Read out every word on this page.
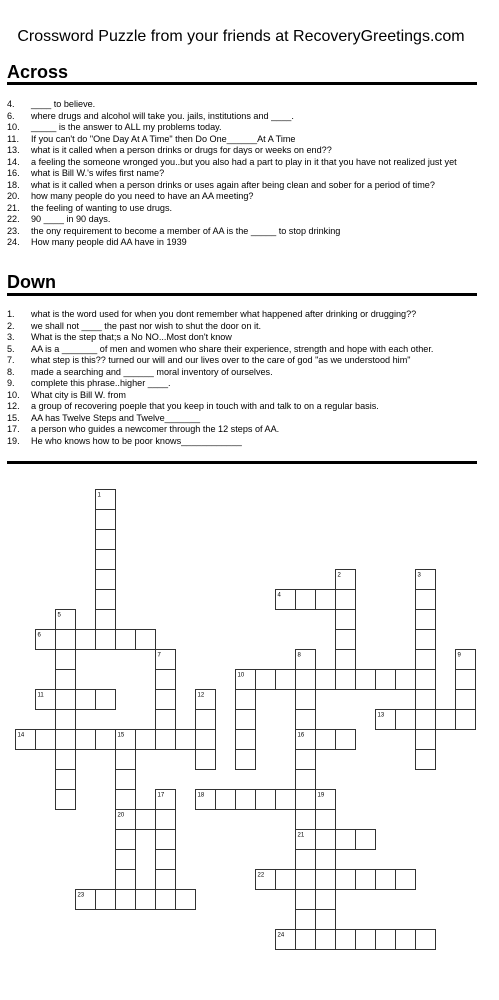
Crossword Puzzle from your friends at RecoveryGreetings.com
Across
4.	____ to believe.
6.	where drugs and alcohol will take you. jails, institutions and ____.
10.	_____ is the answer to ALL my problems today.
11.	If you can't do "One Day At A Time" then Do One______At A Time
13.	what is it called when a person drinks or drugs for days or weeks on end??
14.	a feeling the someone wronged you..but you also had a part to play in it that you have not realized just yet
16.	what is Bill W.'s wifes first name?
18.	what is it called when a person drinks or uses again after being clean and sober for a period of time?
20.	how many people do you need to have an AA meeting?
21.	the feeling of wanting to use drugs.
22.	90 ____ in 90 days.
23.	the ony requirement to become a member of AA is the _____ to stop drinking
24.	How many people did AA have in 1939
Down
1.	what is the word used for when you dont remember what happened after drinking or drugging??
2.	we shall not ____ the past nor wish to shut the door on it.
3.	What is the step that;s a No NO...Most don't know
5.	AA is a _______ of men and women who share their experience, strength and hope with each other.
7.	what step is this?? turned our will and our lives over to the care of god "as we understood him"
8.	made a searching and ______ moral inventory of ourselves.
9.	complete this phrase..higher ____.
10.	What city is Bill W. from
12.	a group of recovering poeple that you keep in touch with and talk to on a regular basis.
15.	AA has Twelve Steps and Twelve_______
17.	a person who guides a newcomer through the 12 steps of AA.
19.	He who knows how to be poor knows____________
1
2	3
4
5
6
7	8	9
10
11	12
13
14	15	16
17	18	19
20
21
22
23
24
